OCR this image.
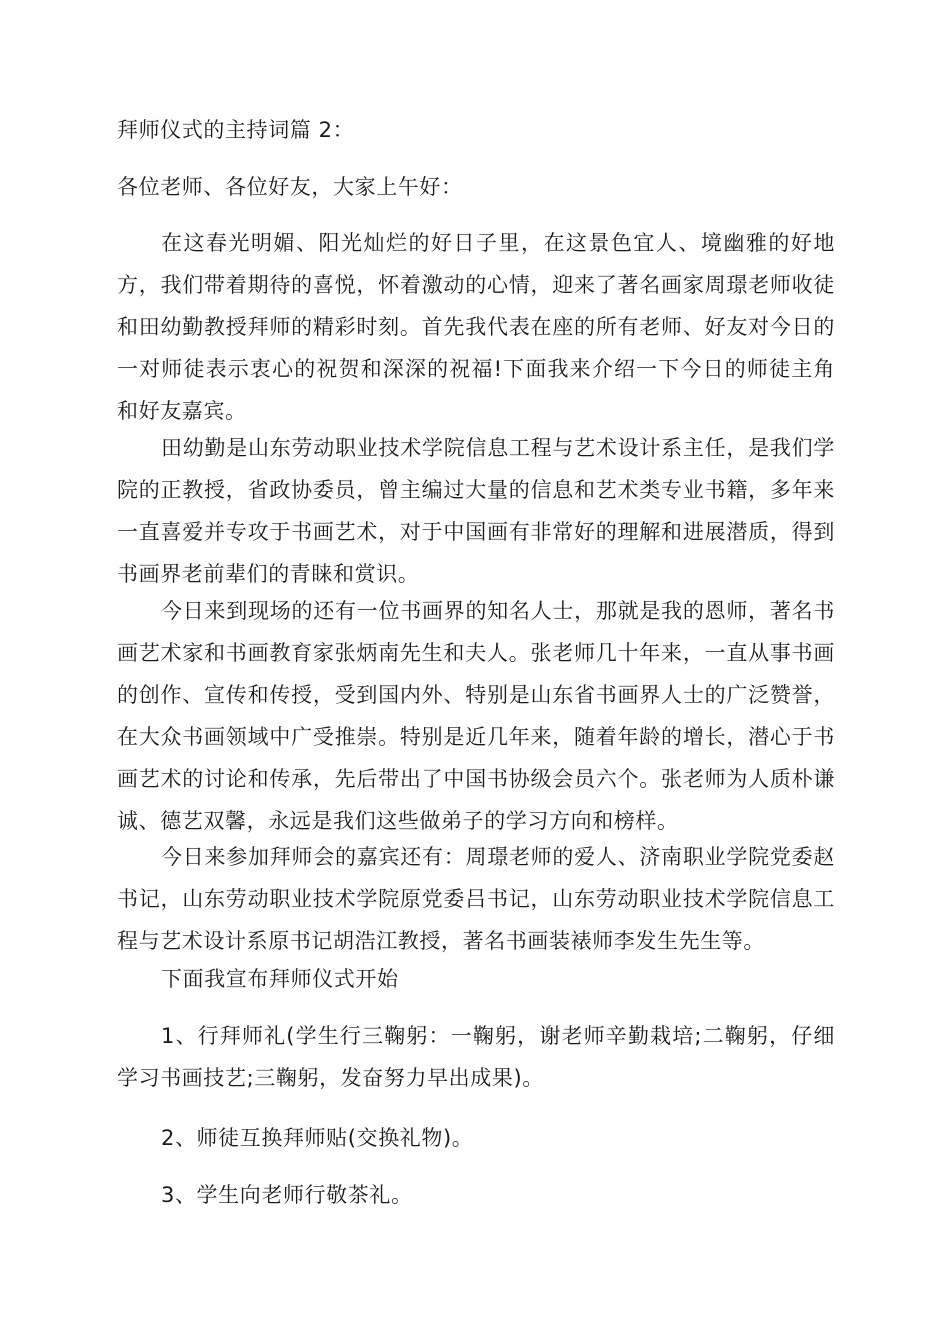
拜师仪式的主持词篇 2：

各位老师、各位好友，大家上午好：

在这春光明媚、阳光灿烂的好日子里，在这景色宜人、境幽雅的好地方，我们带着期待的喜悦，怀着激动的心情，迎来了著名画家周璟老师收徒和田幼勤教授拜师的精彩时刻。首先我代表在座的所有老师、好友对今日的一对师徒表示衷心的祝贺和深深的祝福!下面我来介绍一下今日的师徒主角和好友嘉宾。

田幼勤是山东劳动职业技术学院信息工程与艺术设计系主任，是我们学院的正教授，省政协委员，曾主编过大量的信息和艺术类专业书籍，多年来一直喜爱并专攻于书画艺术，对于中国画有非常好的理解和进展潜质，得到书画界老前辈们的青睐和赏识。

今日来到现场的还有一位书画界的知名人士，那就是我的恩师，著名书画艺术家和书画教育家张炳南先生和夫人。张老师几十年来，一直从事书画的创作、宣传和传授，受到国内外、特别是山东省书画界人士的广泛赞誉，在大众书画领域中广受推崇。特别是近几年来，随着年龄的增长，潜心于书画艺术的讨论和传承，先后带出了中国书协级会员六个。张老师为人质朴谦诚、德艺双馨，永远是我们这些做弟子的学习方向和榜样。

今日来参加拜师会的嘉宾还有：周璟老师的爱人、济南职业学院党委赵书记，山东劳动职业技术学院原党委吕书记，山东劳动职业技术学院信息工程与艺术设计系原书记胡浩江教授，著名书画装裱师李发生先生等。

下面我宣布拜师仪式开始

1、行拜师礼(学生行三鞠躬：一鞠躬，谢老师辛勤栽培;二鞠躬，仔细学习书画技艺;三鞠躬，发奋努力早出成果)。

2、师徒互换拜师贴(交换礼物)。

3、学生向老师行敬茶礼。
